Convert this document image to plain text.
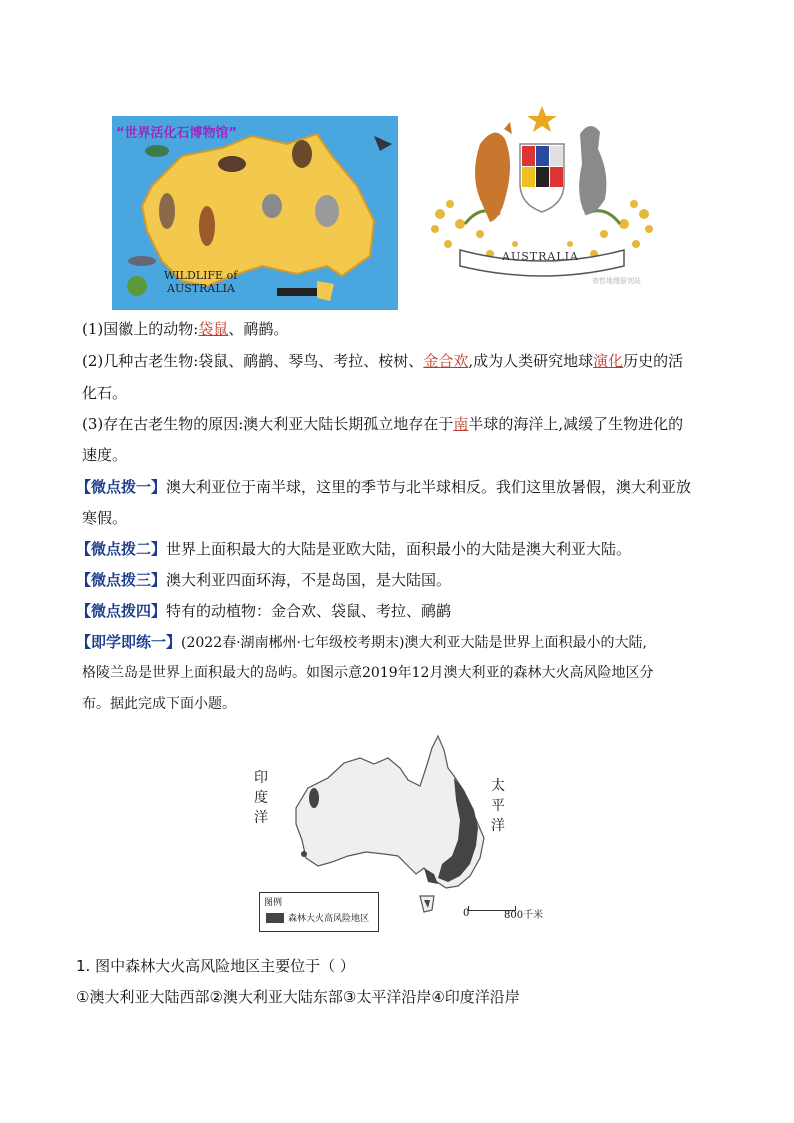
“世界活化石博物馆”
WILDLIFE of
AUSTRALIA
AUSTRALIA
寄哲地理原创站
(1)国徽上的动物:袋鼠、鸸鹋。
(2)几种古老生物:袋鼠、鸸鹋、琴鸟、考拉、桉树、金合欢,成为人类研究地球演化历史的活
化石。
(3)存在古老生物的原因:澳大利亚大陆长期孤立地存在于南半球的海洋上,减缓了生物进化的
速度。
【微点拨一】澳大利亚位于南半球，这里的季节与北半球相反。我们这里放暑假，澳大利亚放
寒假。
【微点拨二】世界上面积最大的大陆是亚欧大陆，面积最小的大陆是澳大利亚大陆。
【微点拨三】澳大利亚四面环海，不是岛国，是大陆国。
【微点拨四】特有的动植物：金合欢、袋鼠、考拉、鸸鹋
【即学即练一】(2022春·湖南郴州·七年级校考期末)澳大利亚大陆是世界上面积最小的大陆,
格陵兰岛是世界上面积最大的岛屿。如图示意2019年12月澳大利亚的森林大火高风险地区分
布。据此完成下面小题。
印度洋
太平洋
图例
森林大火高风险地区	0	800千米
1. 图中森林大火高风险地区主要位于（ ）
①澳大利亚大陆西部②澳大利亚大陆东部③太平洋沿岸④印度洋沿岸
